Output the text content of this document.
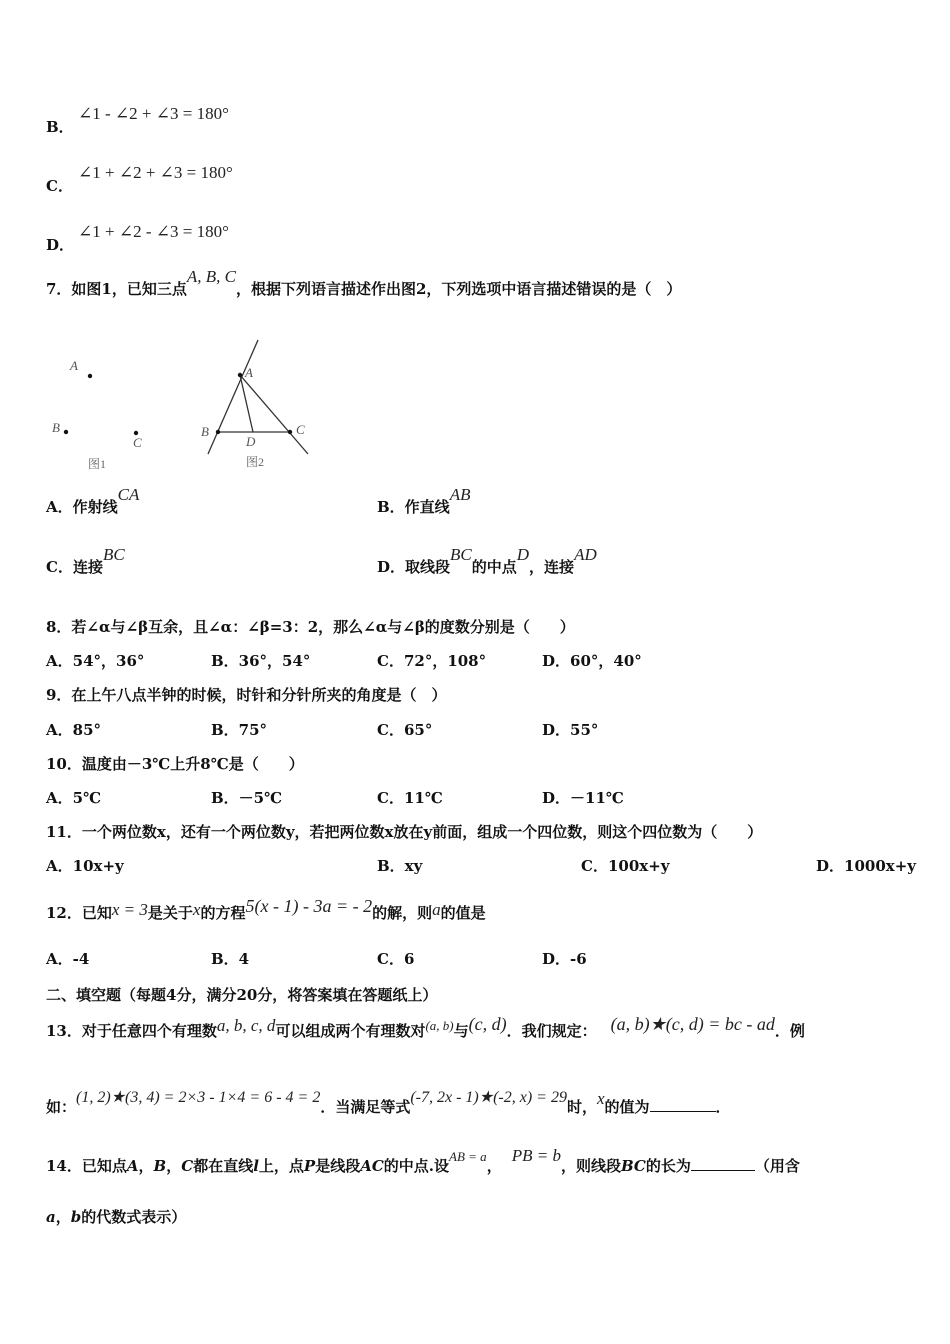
B．
∠1 - ∠2 + ∠3 = 180°
C．
∠1 + ∠2 + ∠3 = 180°
D．
∠1 + ∠2 - ∠3 = 180°
7．如图1，已知三点A, B, C，根据下列语言描述作出图2，下列选项中语言描述错误的是（　）
A
B
C
图1
A
B	C
D
图2
A．作射线CA
B．作直线AB
C．连接BC
D．取线段BC的中点D，连接AD
8．若∠α与∠β互余，且∠α：∠β=3：2，那么∠α与∠β的度数分别是（　　）
A．54°，36°	B．36°，54°	C．72°，108°	D．60°，40°
9．在上午八点半钟的时候，时针和分针所夹的角度是（　）
A．85°	B．75°	C．65°	D．55°
10．温度由－3℃上升8℃是（　　）
A．5℃	B．－5℃	C．11℃	D．－11℃
11．一个两位数x，还有一个两位数y，若把两位数x放在y前面，组成一个四位数，则这个四位数为（　　）
A．10x+y	B．xy	C．100x+y	D．1000x+y
12．已知x = 3是关于x的方程5(x - 1) - 3a = - 2的解，则a的值是
A．-4	B．4	C．6	D．-6
二、填空题（每题4分，满分20分，将答案填在答题纸上）
13．对于任意四个有理数a, b, c, d可以组成两个有理数对(a, b)与(c, d)．我们规定： (a, b)★(c, d) = bc - ad．例
如：(1, 2)★(3, 4) = 2×3 - 1×4 = 6 - 4 = 2．当满足等式(-7, 2x - 1)★(-2, x) = 29时，x的值为	．
14．已知点A，B，C都在直线l上，点P是线段AC的中点.设AB = a，PB = b，则线段BC的长为	（用含
a，b的代数式表示）
